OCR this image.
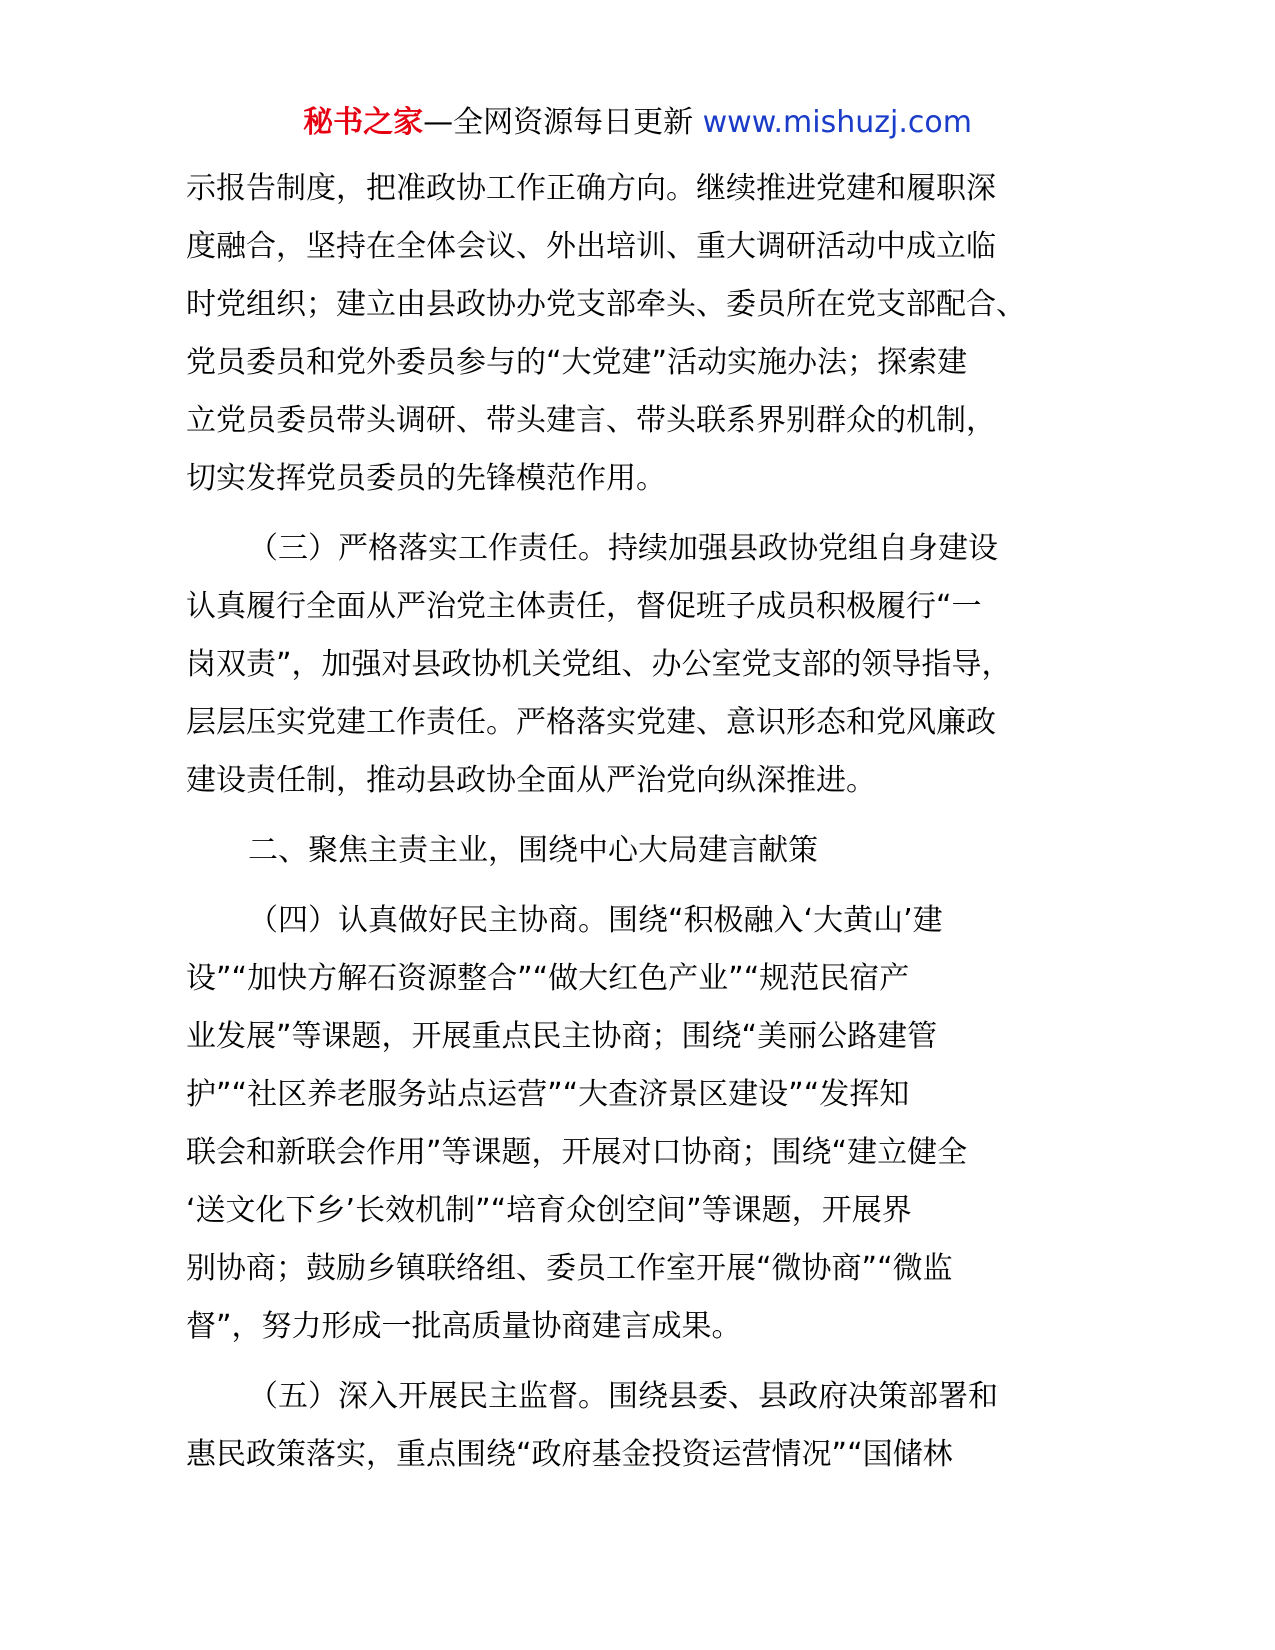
秘书之家—全网资源每日更新 www.mishuzj.com
示报告制度，把准政协工作正确方向。继续推进党建和履职深
度融合，坚持在全体会议、外出培训、重大调研活动中成立临
时党组织；建立由县政协办党支部牵头、委员所在党支部配合、
党员委员和党外委员参与的“大党建”活动实施办法；探索建
立党员委员带头调研、带头建言、带头联系界别群众的机制，
切实发挥党员委员的先锋模范作用。
（三）严格落实工作责任。持续加强县政协党组自身建设
认真履行全面从严治党主体责任，督促班子成员积极履行“一
岗双责”，加强对县政协机关党组、办公室党支部的领导指导，
层层压实党建工作责任。严格落实党建、意识形态和党风廉政
建设责任制，推动县政协全面从严治党向纵深推进。
二、聚焦主责主业，围绕中心大局建言献策
（四）认真做好民主协商。围绕“积极融入‘大黄山’建
设”“加快方解石资源整合”“做大红色产业”“规范民宿产
业发展”等课题，开展重点民主协商；围绕“美丽公路建管
护”“社区养老服务站点运营”“大查济景区建设”“发挥知
联会和新联会作用”等课题，开展对口协商；围绕“建立健全
‘送文化下乡’长效机制”“培育众创空间”等课题，开展界
别协商；鼓励乡镇联络组、委员工作室开展“微协商”“微监
督”，努力形成一批高质量协商建言成果。
（五）深入开展民主监督。围绕县委、县政府决策部署和
惠民政策落实，重点围绕“政府基金投资运营情况”“国储林
